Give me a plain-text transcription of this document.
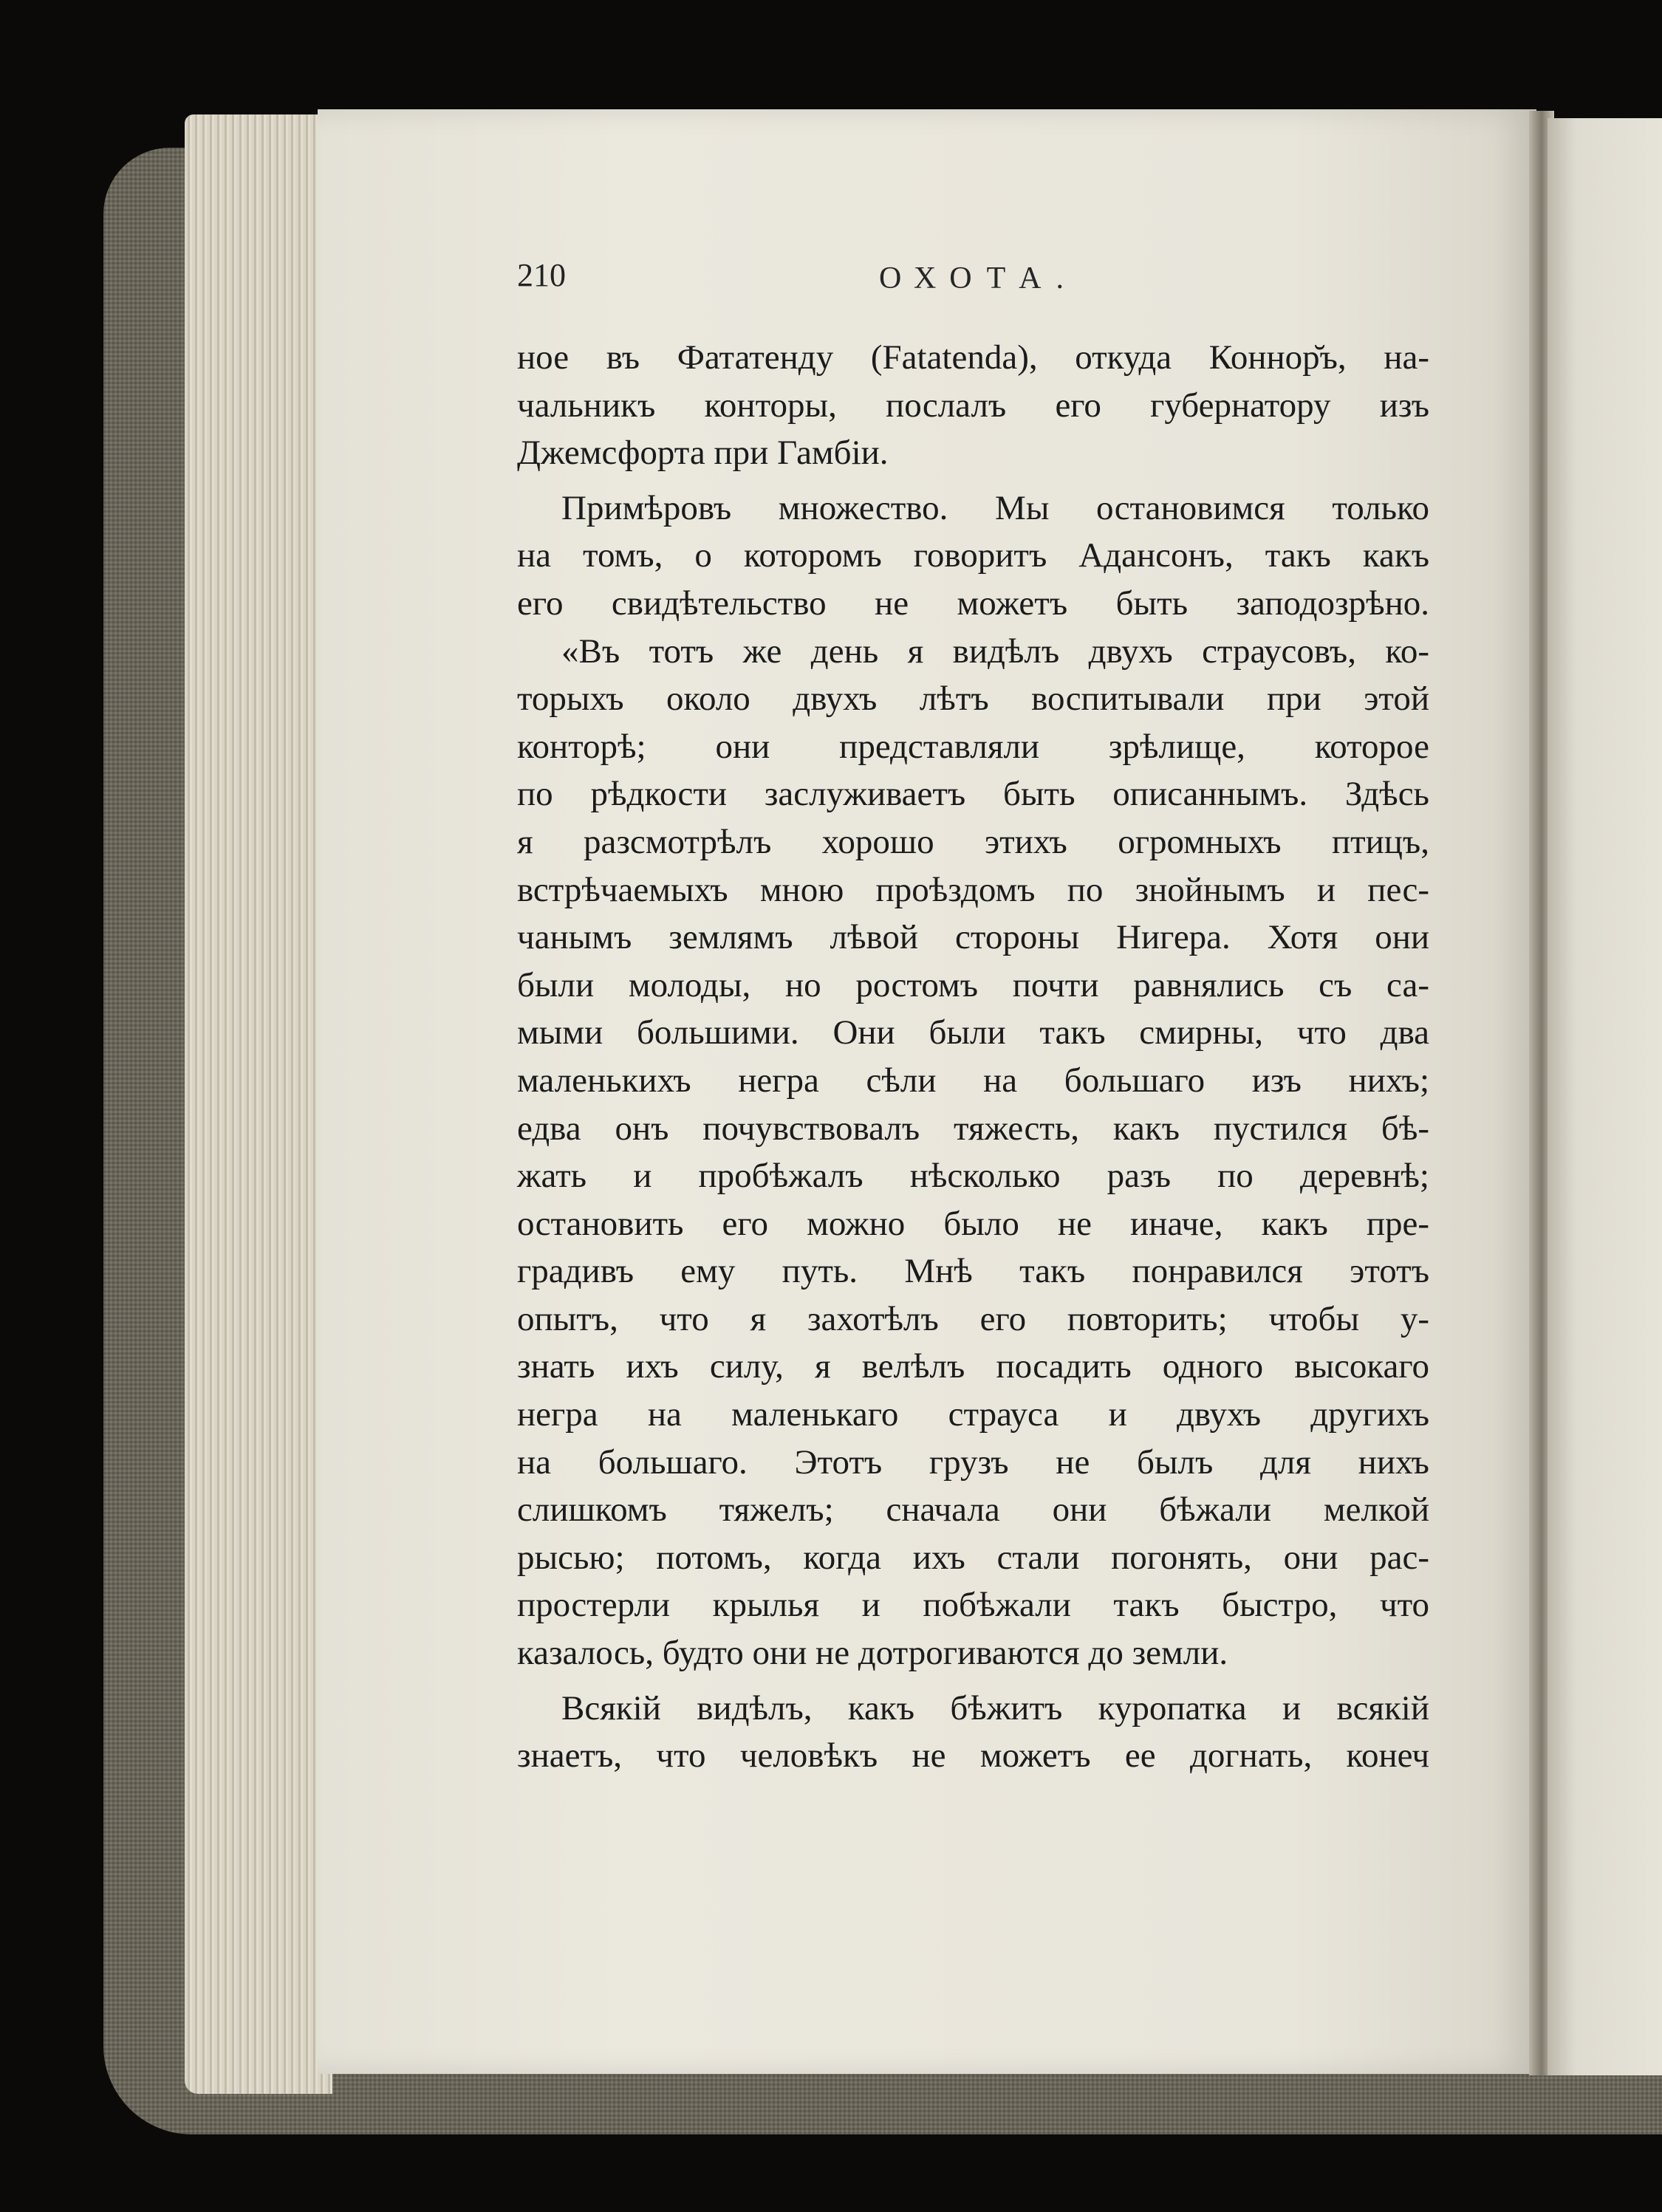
210	ОХОТА.
ное въ Фататенду (Fatatenda), откуда Коннор̆ъ, на-
чальникъ конторы, послалъ его губернатору изъ
Джемсфорта при Гамбіи.
Примѣровъ множество. Мы остановимся только
на томъ, о которомъ говоритъ Адансонъ, такъ какъ
его свидѣтельство не можетъ быть заподозрѣно.
«Въ тотъ же день я видѣлъ двухъ страусовъ, ко-
торыхъ около двухъ лѣтъ воспитывали при этой
конторѣ; они представляли зрѣлище, которое
по рѣдкости заслуживаетъ быть описаннымъ. Здѣсь
я разсмотрѣлъ хорошо этихъ огромныхъ птицъ,
встрѣчаемыхъ мною проѣздомъ по знойнымъ и пес-
чанымъ землямъ лѣвой стороны Нигера. Хотя они
были молоды, но ростомъ почти равнялись съ са-
мыми большими. Они были такъ смирны, что два
маленькихъ негра сѣли на большаго изъ нихъ;
едва онъ почувствовалъ тяжесть, какъ пустился бѣ-
жать и пробѣжалъ нѣсколько разъ по деревнѣ;
остановить его можно было не иначе, какъ пре-
градивъ ему путь. Мнѣ такъ понравился этотъ
опытъ, что я захотѣлъ его повторить; чтобы у-
знать ихъ силу, я велѣлъ посадить одного высокаго
негра на маленькаго страуса и двухъ другихъ
на большаго. Этотъ грузъ не былъ для нихъ
слишкомъ тяжелъ; сначала они бѣжали мелкой
рысью; потомъ, когда ихъ стали погонять, они рас-
простерли крылья и побѣжали такъ быстро, что
казалось, будто они не дотрогиваются до земли.
Всякій видѣлъ, какъ бѣжитъ куропатка и всякій
знаетъ, что человѣкъ не можетъ ее догнать, конеч
